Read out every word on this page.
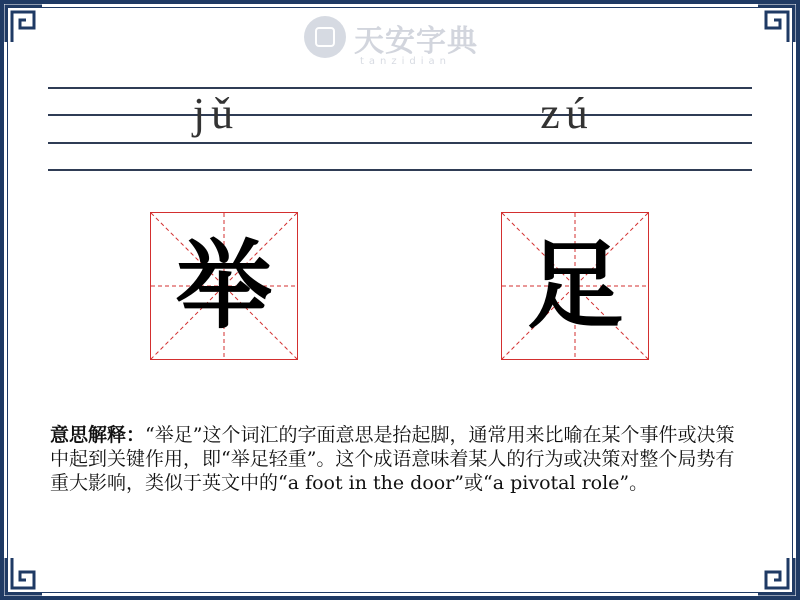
天安字典
tanzidian
jǔ	zú
举	足
意思解释：“举足”这个词汇的字面意思是抬起脚，通常用来比喻在某个事件或决策中起到关键作用，即“举足轻重”。这个成语意味着某人的行为或决策对整个局势有重大影响，类似于英文中的“a foot in the door”或“a pivotal role”。
